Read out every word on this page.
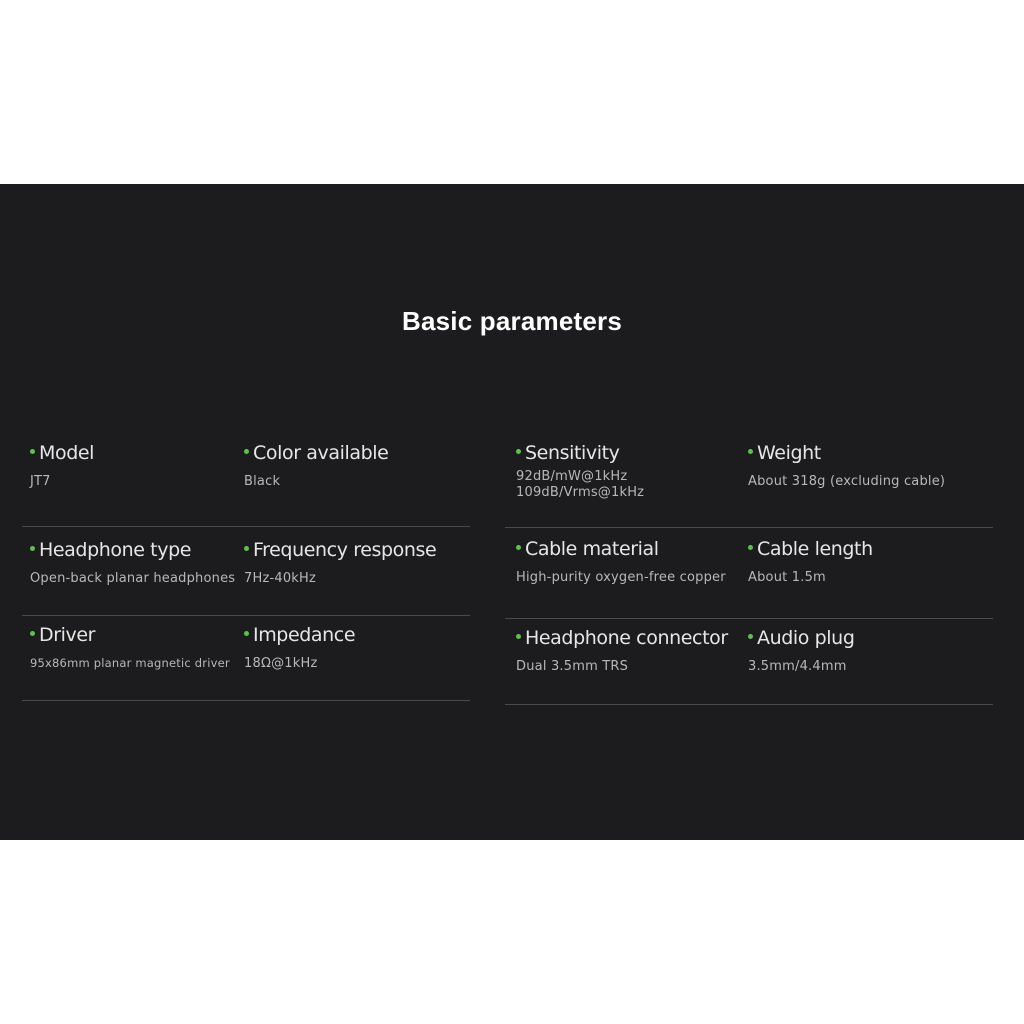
Basic parameters
Model
JT7
Color available
Black
Headphone type
Open-back planar headphones
Frequency response
7Hz-40kHz
Driver
95x86mm planar magnetic driver
Impedance
18Ω@1kHz
Sensitivity
92dB/mW@1kHz
109dB/Vrms@1kHz
Weight
About 318g (excluding cable)
Cable material
High-purity oxygen-free copper
Cable length
About 1.5m
Headphone connector
Dual 3.5mm TRS
Audio plug
3.5mm/4.4mm
